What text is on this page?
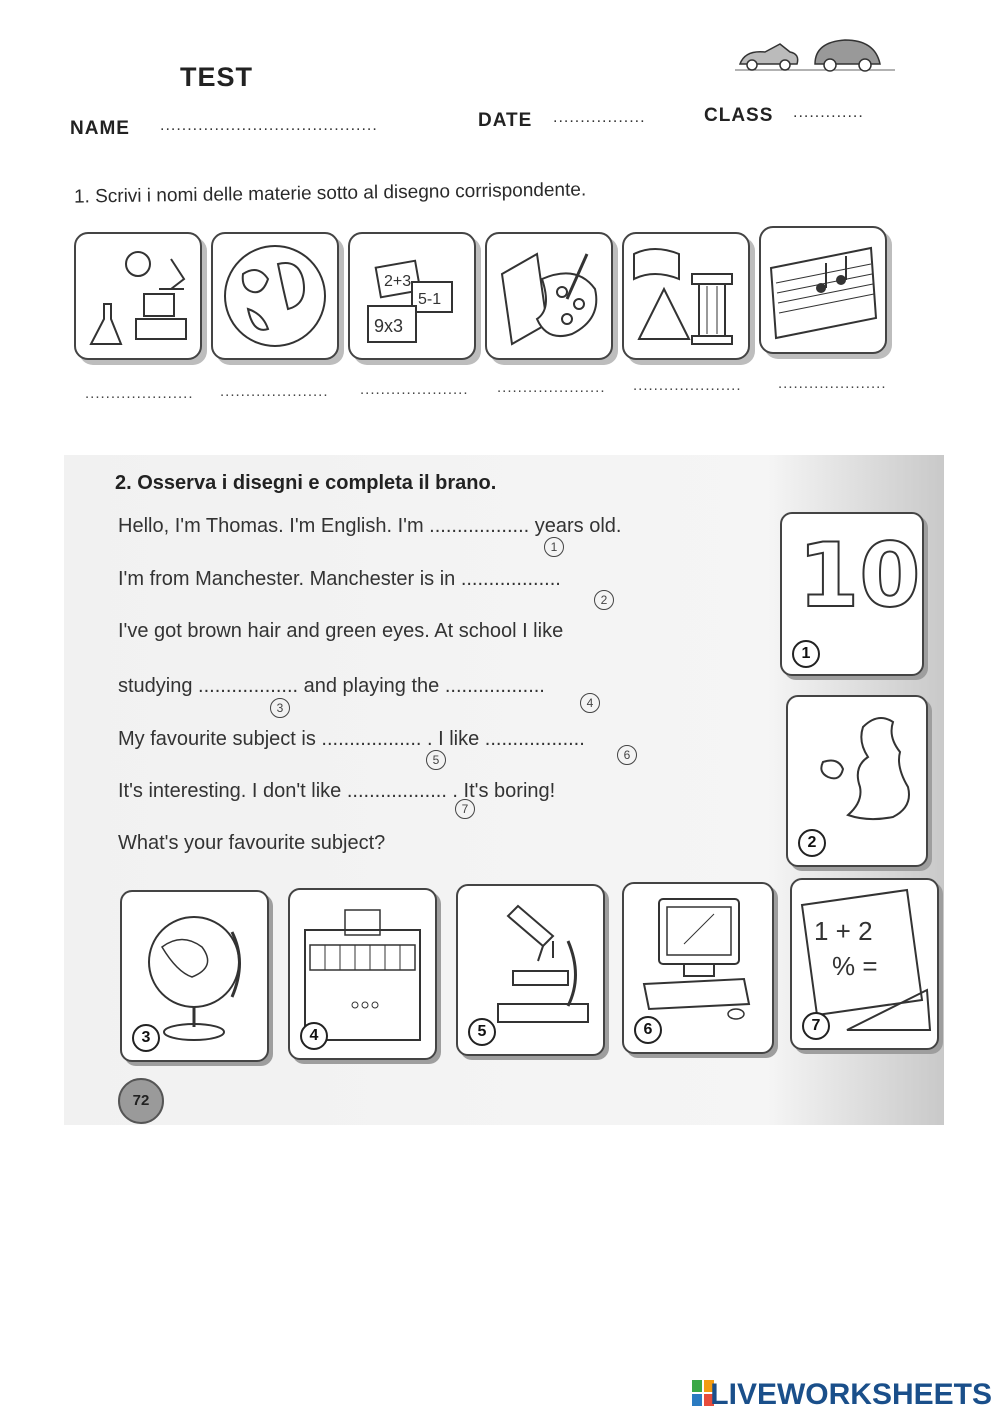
TEST
NAME ........................................	DATE .................	CLASS .............
1. Scrivi i nomi delle materie sotto al disegno corrispondente.
2+3
5-1
9x3
..................... ..................... ..................... ..................... ..................... .....................
2. Osserva i disegni e completa il brano.
Hello, I'm Thomas. I'm English. I'm .................. years old.
I'm from Manchester. Manchester is in ..................
I've got brown hair and green eyes. At school I like
studying .................. and playing the ..................
My favourite subject is .................. . I like ..................
It's interesting. I don't like .................. . It's boring!
What's your favourite subject?
1
2
3	4
5	6
7
10
1
2
3	4	5	6
1 + 2
% =
7
72
LIVEWORKSHEETS
